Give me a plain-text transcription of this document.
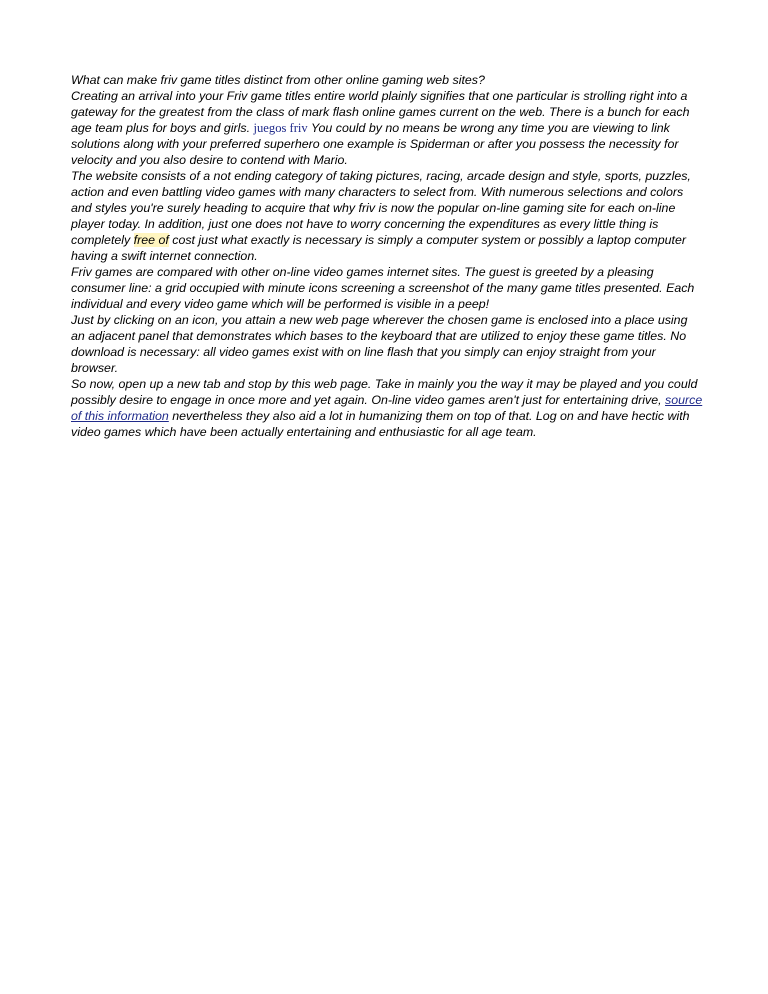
What can make friv game titles distinct from other online gaming web sites?

Creating an arrival into your Friv game titles entire world plainly signifies that one particular is strolling right into a gateway for the greatest from the class of mark flash online games current on the web. There is a bunch for each age team plus for boys and girls. juegos friv You could by no means be wrong any time you are viewing to link solutions along with your preferred superhero one example is Spiderman or after you possess the necessity for velocity and you also desire to contend with Mario.

The website consists of a not ending category of taking pictures, racing, arcade design and style, sports, puzzles, action and even battling video games with many characters to select from. With numerous selections and colors and styles you're surely heading to acquire that why friv is now the popular on-line gaming site for each on-line player today. In addition, just one does not have to worry concerning the expenditures as every little thing is completely free of cost just what exactly is necessary is simply a computer system or possibly a laptop computer having a swift internet connection.

Friv games are compared with other on-line video games internet sites. The guest is greeted by a pleasing consumer line: a grid occupied with minute icons screening a screenshot of the many game titles presented. Each individual and every video game which will be performed is visible in a peep!

Just by clicking on an icon, you attain a new web page wherever the chosen game is enclosed into a place using an adjacent panel that demonstrates which bases to the keyboard that are utilized to enjoy these game titles. No download is necessary: all video games exist with on line flash that you simply can enjoy straight from your browser.

So now, open up a new tab and stop by this web page. Take in mainly you the way it may be played and you could possibly desire to engage in once more and yet again. On-line video games aren't just for entertaining drive, source of this information nevertheless they also aid a lot in humanizing them on top of that. Log on and have hectic with video games which have been actually entertaining and enthusiastic for all age team.
